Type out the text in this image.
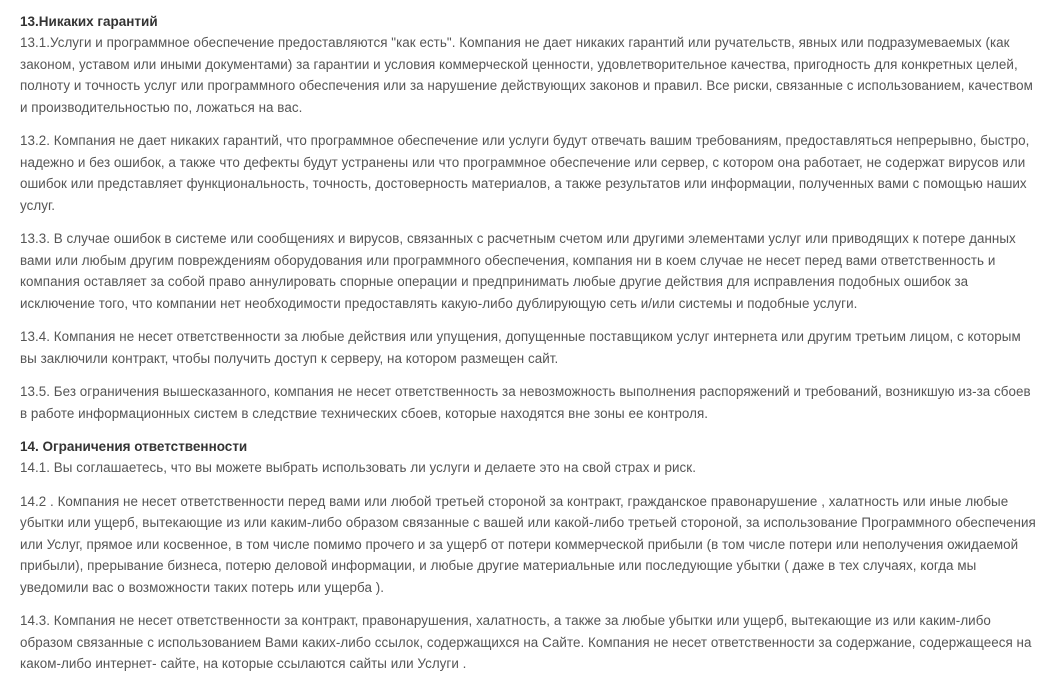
13.Никаких гарантий

13.1.Услуги и программное обеспечение предоставляются "как есть". Компания не дает никаких гарантий или ручательств, явных или подразумеваемых (как законом, уставом или иными документами) за гарантии и условия коммерческой ценности, удовлетворительное качества, пригодность для конкретных целей, полноту и точность услуг или программного обеспечения или за нарушение действующих законов и правил. Все риски, связанные с использованием, качеством и производительностью по, ложаться на вас.

13.2. Компания не дает никаких гарантий, что программное обеспечение или услуги будут отвечать вашим требованиям, предоставляться непрерывно, быстро, надежно и без ошибок, а также что дефекты будут устранены или что программное обеспечение или сервер, с котором она работает, не содержат вирусов или ошибок или представляет функциональность, точность, достоверность материалов, а также результатов или информации, полученных вами с помощью наших услуг.

13.3. В случае ошибок в системе или сообщениях и вирусов, связанных с расчетным счетом или другими элементами услуг или приводящих к потере данных вами или любым другим повреждениям оборудования или программного обеспечения, компания ни в коем случае не несет перед вами ответственность и компания оставляет за собой право аннулировать спорные операции и предпринимать любые другие действия для исправления подобных ошибок за исключение того, что компании нет необходимости предоставлять какую-либо дублирующую сеть и/или системы и подобные услуги.

13.4. Компания не несет ответственности за любые действия или упущения, допущенные поставщиком услуг интернета или другим третьим лицом, с которым вы заключили контракт, чтобы получить доступ к серверу, на котором размещен сайт.

13.5. Без ограничения вышесказанного, компания не несет ответственность за невозможность выполнения распоряжений и требований, возникшую из-за сбоев в работе информационных систем в следствие технических сбоев, которые находятся вне зоны ее контроля.

14. Ограничения ответственности

14.1. Вы соглашаетесь, что вы можете выбрать использовать ли услуги и делаете это на свой страх и риск.

14.2 . Компания не несет ответственности перед вами или любой третьей стороной за контракт, гражданское правонарушение , халатность или иные любые убытки или ущерб, вытекающие из или каким-либо образом связанные с вашей или какой-либо третьей стороной, за использование Программного обеспечения или Услуг, прямое или косвенное, в том числе помимо прочего и за ущерб от потери коммерческой прибыли (в том числе потери или неполучения ожидаемой прибыли), прерывание бизнеса, потерю деловой информации, и любые другие материальные или последующие убытки ( даже в тех случаях, когда мы уведомили вас о возможности таких потерь или ущерба ).

14.3. Компания не несет ответственности за контракт, правонарушения, халатность, а также за любые убытки или ущерб, вытекающие из или каким-либо образом связанные с использованием Вами каких-либо ссылок, содержащихся на Сайте. Компания не несет ответственности за содержание, содержащееся на каком-либо интернет- сайте, на которые ссылаются сайты или Услуги .
